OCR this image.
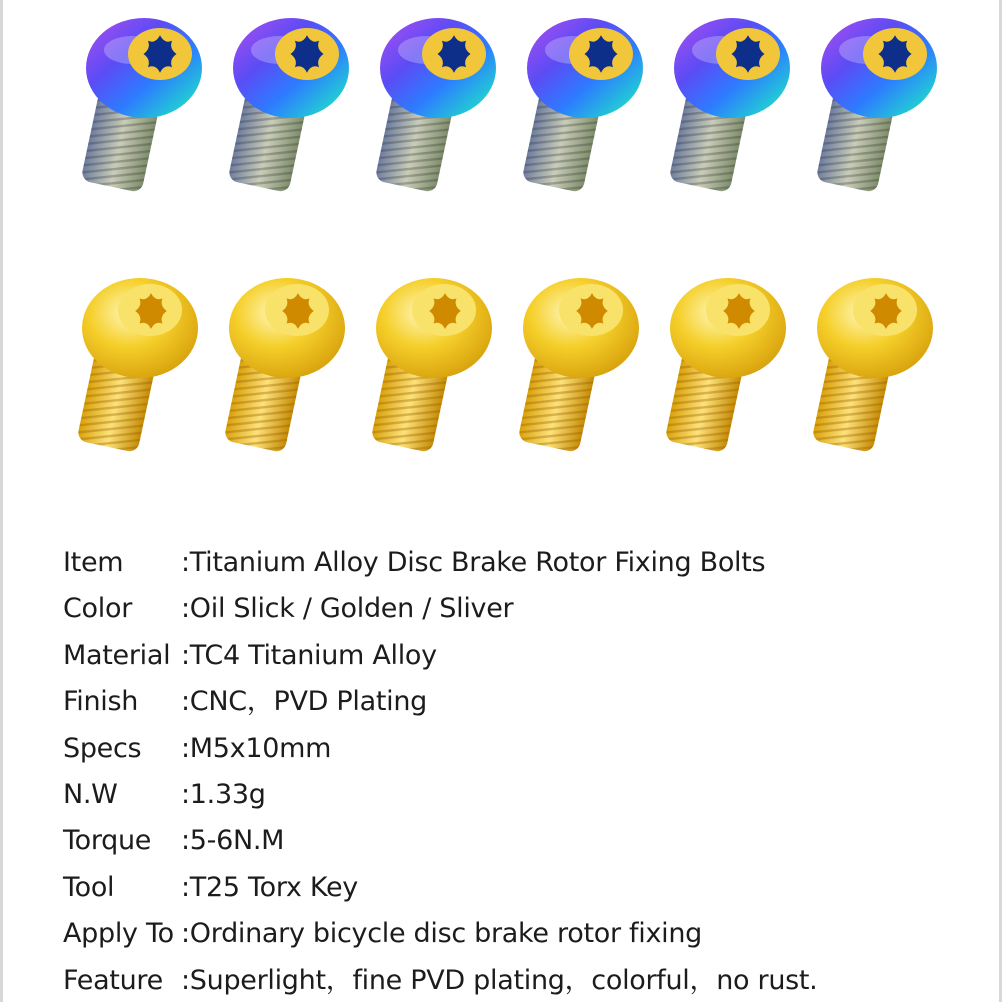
Item :Titanium Alloy Disc Brake Rotor Fixing Bolts
Color :Oil Slick / Golden / Sliver
Material :TC4 Titanium Alloy
Finish :CNC，PVD Plating
Specs :M5x10mm
N.W :1.33g
Torque :5-6N.M
Tool :T25 Torx Key
Apply To :Ordinary bicycle disc brake rotor fixing
Feature :Superlight，fine PVD plating，colorful，no rust.
